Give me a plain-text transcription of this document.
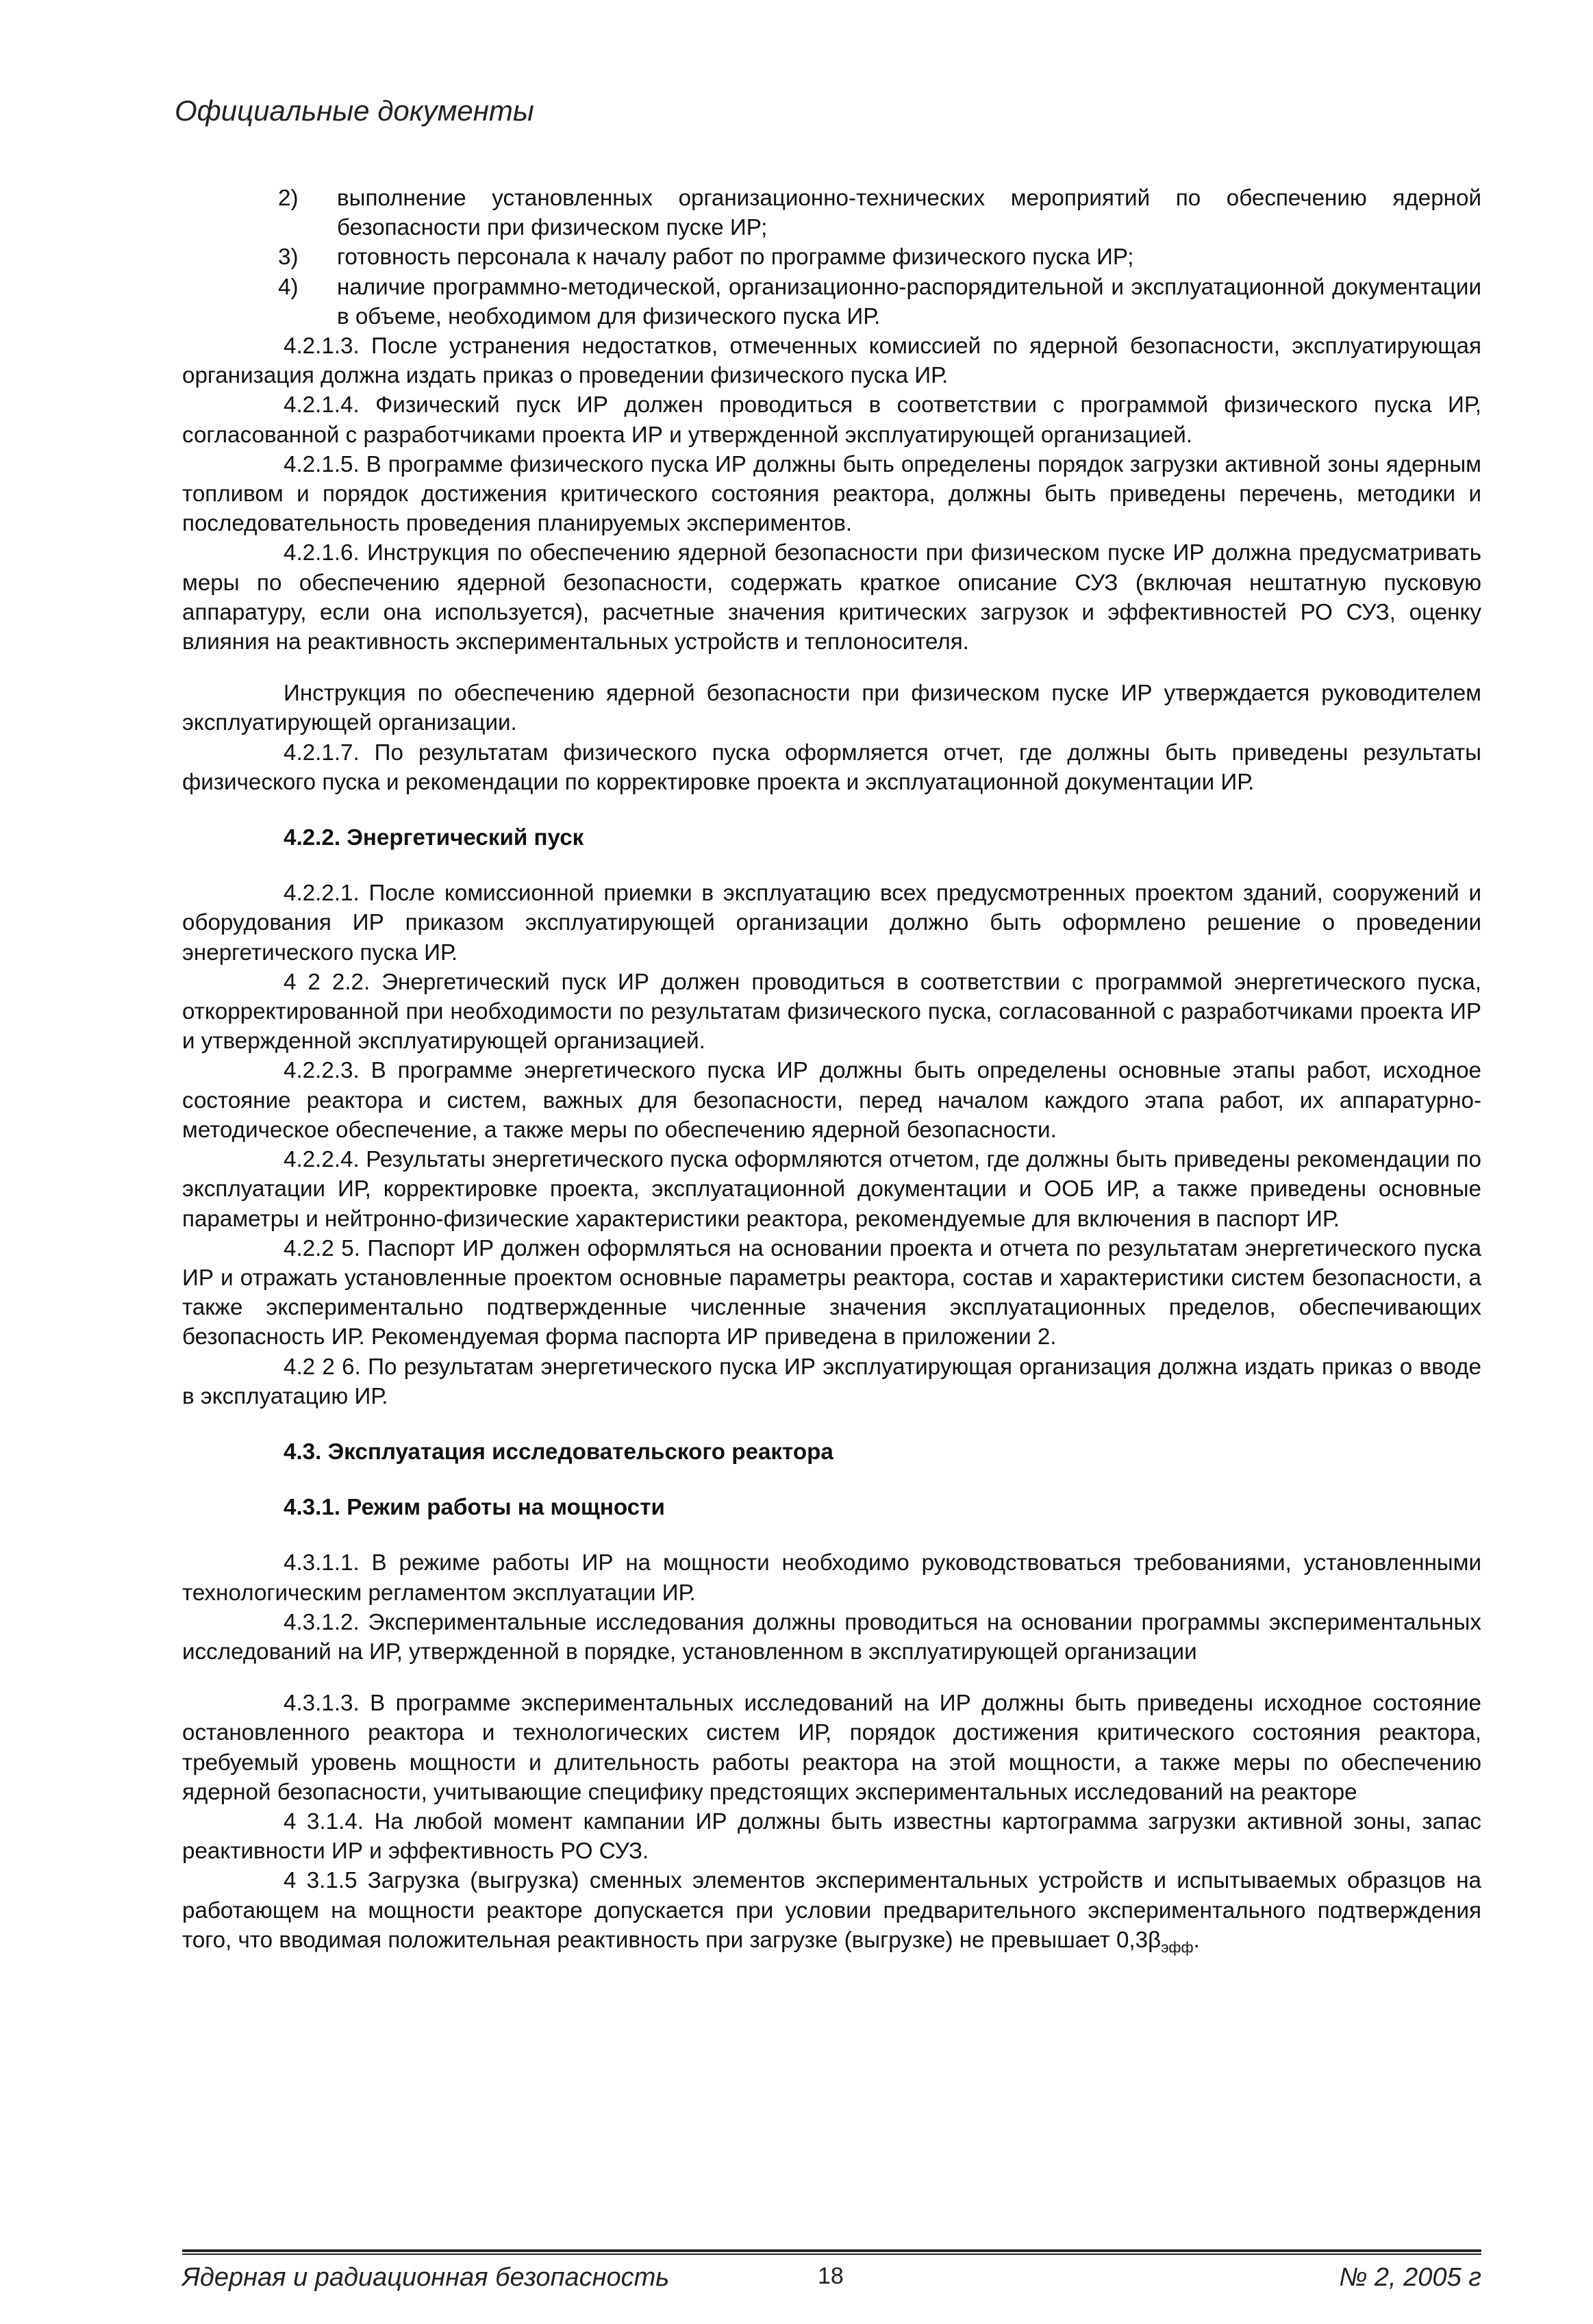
Официальные документы
2)	выполнение установленных организационно-технических мероприятий по обеспечению ядерной безопасности при физическом пуске ИР;
3)	готовность персонала к началу работ по программе физического пуска ИР;
4)	наличие программно-методической, организационно-распорядительной и эксплуатационной документации в объеме, необходимом для физического пуска ИР.

4.2.1.3. После устранения недостатков, отмеченных комиссией по ядерной безопасности, эксплуатирующая организация должна издать приказ о проведении физического пуска ИР.

4.2.1.4. Физический пуск ИР должен проводиться в соответствии с программой физического пуска ИР, согласованной с разработчиками проекта ИР и утвержденной эксплуатирующей организацией.

4.2.1.5. В программе физического пуска ИР должны быть определены порядок загрузки активной зоны ядерным топливом и порядок достижения критического состояния реактора, должны быть приведены перечень, методики и последовательность проведения планируемых экспериментов.

4.2.1.6. Инструкция по обеспечению ядерной безопасности при физическом пуске ИР должна предусматривать меры по обеспечению ядерной безопасности, содержать краткое описание СУЗ (включая нештатную пусковую аппаратуру, если она используется), расчетные значения критических загрузок и эффективностей РО СУЗ, оценку влияния на реактивность экспериментальных устройств и теплоносителя.

Инструкция по обеспечению ядерной безопасности при физическом пуске ИР утверждается руководителем эксплуатирующей организации.

4.2.1.7. По результатам физического пуска оформляется отчет, где должны быть приведены результаты физического пуска и рекомендации по корректировке проекта и эксплуатационной документации ИР.

4.2.2. Энергетический пуск

4.2.2.1. После комиссионной приемки в эксплуатацию всех предусмотренных проектом зданий, сооружений и оборудования ИР приказом эксплуатирующей организации должно быть оформлено решение о проведении энергетического пуска ИР.

4 2 2.2. Энергетический пуск ИР должен проводиться в соответствии с программой энергетического пуска, откорректированной при необходимости по результатам физического пуска, согласованной с разработчиками проекта ИР и утвержденной эксплуатирующей организацией.

4.2.2.3. В программе энергетического пуска ИР должны быть определены основные этапы работ, исходное состояние реактора и систем, важных для безопасности, перед началом каждого этапа работ, их аппаратурно-методическое обеспечение, а также меры по обеспечению ядерной безопасности.

4.2.2.4. Результаты энергетического пуска оформляются отчетом, где должны быть приведены рекомендации по эксплуатации ИР, корректировке проекта, эксплуатационной документации и ООБ ИР, а также приведены основные параметры и нейтронно-физические характеристики реактора, рекомендуемые для включения в паспорт ИР.

4.2.2 5. Паспорт ИР должен оформляться на основании проекта и отчета по результатам энергетического пуска ИР и отражать установленные проектом основные параметры реактора, состав и характеристики систем безопасности, а также экспериментально подтвержденные численные значения эксплуатационных пределов, обеспечивающих безопасность ИР. Рекомендуемая форма паспорта ИР приведена в приложении 2.

4.2 2 6. По результатам энергетического пуска ИР эксплуатирующая организация должна издать приказ о вводе в эксплуатацию ИР.

4.3. Эксплуатация исследовательского реактора

4.3.1. Режим работы на мощности

4.3.1.1. В режиме работы ИР на мощности необходимо руководствоваться требованиями, установленными технологическим регламентом эксплуатации ИР.

4.3.1.2. Экспериментальные исследования должны проводиться на основании программы экспериментальных исследований на ИР, утвержденной в порядке, установленном в эксплуатирующей организации

4.3.1.3. В программе экспериментальных исследований на ИР должны быть приведены исходное состояние остановленного реактора и технологических систем ИР, порядок достижения критического состояния реактора, требуемый уровень мощности и длительность работы реактора на этой мощности, а также меры по обеспечению ядерной безопасности, учитывающие специфику предстоящих экспериментальных исследований на реакторе

4 3.1.4. На любой момент кампании ИР должны быть известны картограмма загрузки активной зоны, запас реактивности ИР и эффективность РО СУЗ.

4 3.1.5 Загрузка (выгрузка) сменных элементов экспериментальных устройств и испытываемых образцов на работающем на мощности реакторе допускается при условии предварительного экспериментального подтверждения того, что вводимая положительная реактивность при загрузке (выгрузке) не превышает $0,3\beta_{эфф}$.

Ядерная и радиационная безопасность	18	№ 2, 2005 г
